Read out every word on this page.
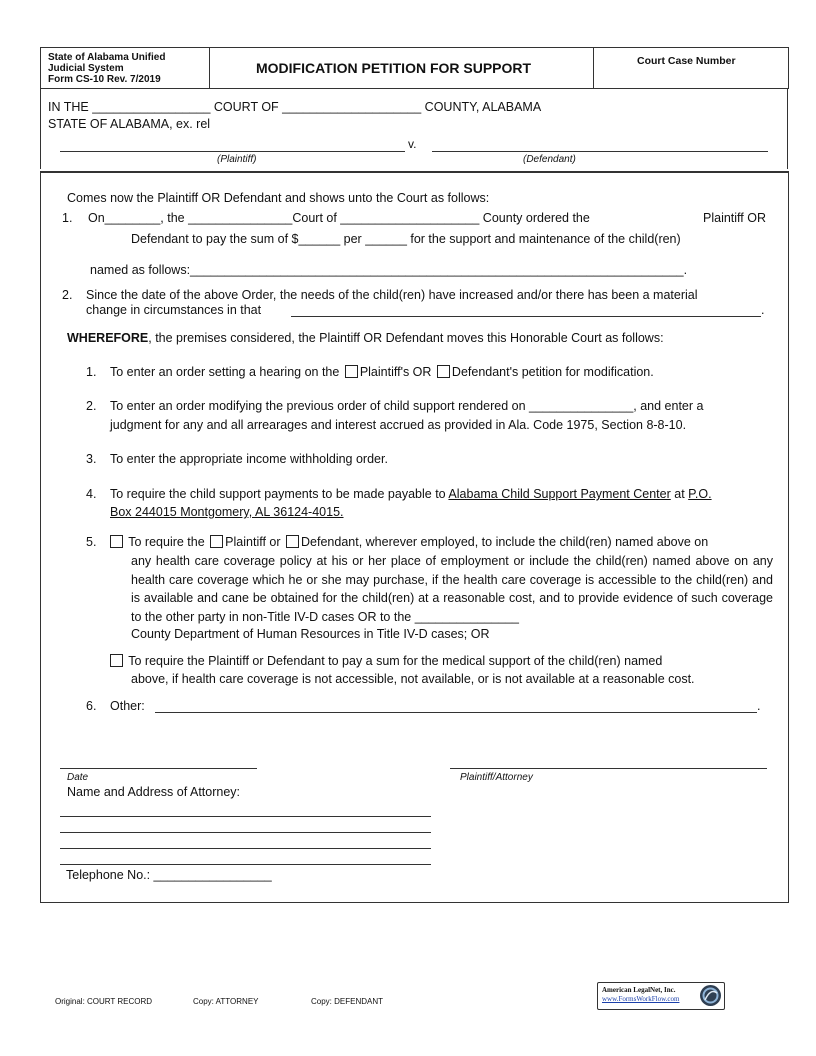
State of Alabama Unified
Judicial System
Form CS-10 Rev. 7/2019
MODIFICATION PETITION FOR SUPPORT	Court Case Number
IN THE _________________ COURT OF ____________________ COUNTY, ALABAMA
STATE OF ALABAMA, ex. rel
v.
(Plaintiff)	(Defendant)
Comes now the Plaintiff OR Defendant and shows unto the Court as follows:
1. On________, the _______________Court of ____________________ County ordered the	Plaintiff OR
Defendant to pay the sum of $______ per ______ for the support and maintenance of the child(ren)
named as follows:_______________________________________________________________________.
2. Since the date of the above Order, the needs of the child(ren) have increased and/or there has been a material
change in circumstances in that	.
WHEREFORE, the premises considered, the Plaintiff OR Defendant moves this Honorable Court as follows:
1. To enter an order setting a hearing on the Plaintiff's OR Defendant's petition for modification.
2. To enter an order modifying the previous order of child support rendered on _______________, and enter a
judgment for any and all arrearages and interest accrued as provided in Ala. Code 1975, Section 8-8-10.
3. To enter the appropriate income withholding order.
4. To require the child support payments to be made payable to Alabama Child Support Payment Center at P.O.
Box 244015 Montgomery, AL 36124-4015.
5.	To require the Plaintiff or Defendant, wherever employed, to include the child(ren) named above on
any health care coverage policy at his or her place of employment or include the child(ren) named above on any health care coverage which he or she may purchase, if the health care coverage is accessible to the child(ren) and is available and cane be obtained for the child(ren) at a reasonable cost, and to provide evidence of such coverage to the other party in non-Title IV-D cases OR to the _______________
County Department of Human Resources in Title IV-D cases; OR
To require the Plaintiff or Defendant to pay a sum for the medical support of the child(ren) named
above, if health care coverage is not accessible, not available, or is not available at a reasonable cost.
6. Other:	.
Date	Plaintiff/Attorney
Name and Address of Attorney:
Telephone No.: _________________
Original: COURT RECORD	Copy: ATTORNEY	Copy: DEFENDANT
American LegalNet, Inc.
www.FormsWorkFlow.com
